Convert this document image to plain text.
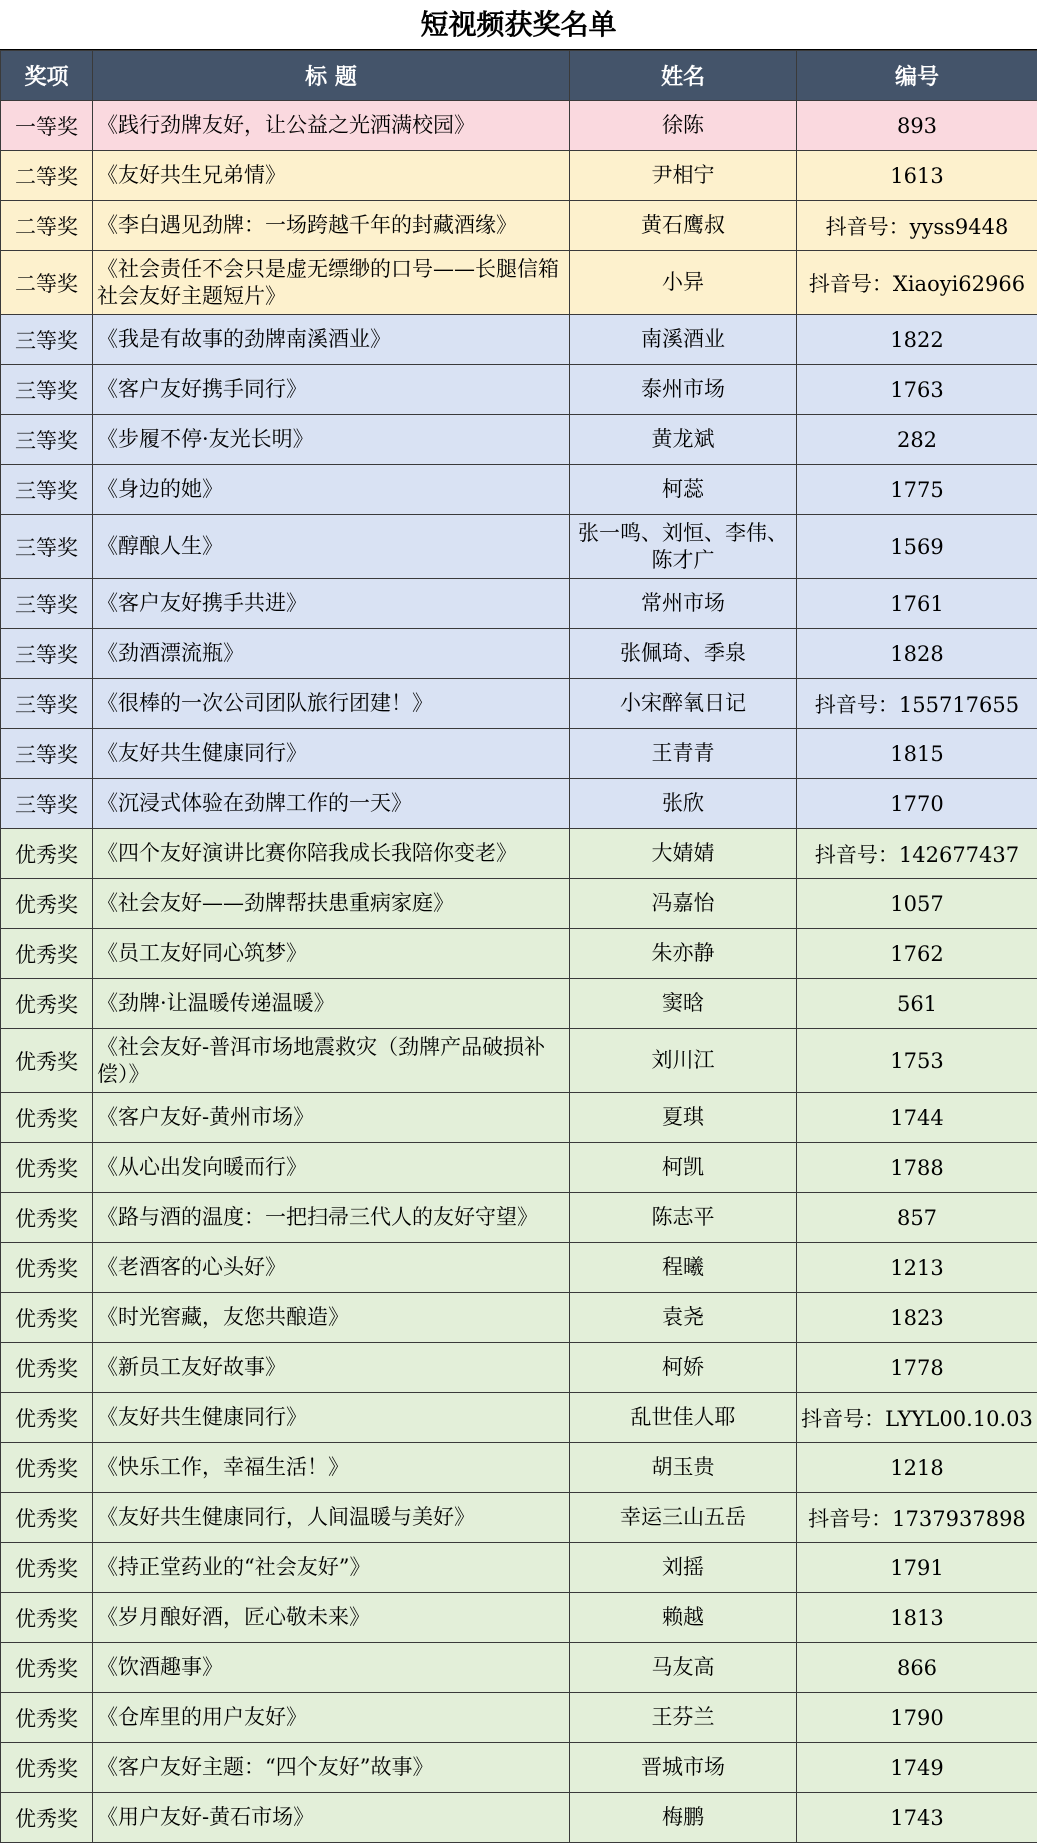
短视频获奖名单
奖项	标 题	姓名	编号
一等奖	《践行劲牌友好，让公益之光洒满校园》	徐陈	893
二等奖	《友好共生兄弟情》	尹相宁	1613
二等奖	《李白遇见劲牌：一场跨越千年的封藏酒缘》	黄石鹰叔	抖音号：yyss9448
二等奖	《社会责任不会只是虚无缥缈的口号——长腿信箱社会友好主题短片》	小异	抖音号：Xiaoyi62966
三等奖	《我是有故事的劲牌南溪酒业》	南溪酒业	1822
三等奖	《客户友好携手同行》	泰州市场	1763
三等奖	《步履不停·友光长明》	黄龙斌	282
三等奖	《身边的她》	柯蕊	1775
三等奖	《醇酿人生》	张一鸣、刘恒、李伟、陈才广	1569
三等奖	《客户友好携手共进》	常州市场	1761
三等奖	《劲酒漂流瓶》	张佩琦、季泉	1828
三等奖	《很棒的一次公司团队旅行团建！》	小宋醉氧日记	抖音号：155717655
三等奖	《友好共生健康同行》	王青青	1815
三等奖	《沉浸式体验在劲牌工作的一天》	张欣	1770
优秀奖	《四个友好演讲比赛你陪我成长我陪你变老》	大婧婧	抖音号：142677437
优秀奖	《社会友好——劲牌帮扶患重病家庭》	冯嘉怡	1057
优秀奖	《员工友好同心筑梦》	朱亦静	1762
优秀奖	《劲牌·让温暖传递温暖》	窦晗	561
优秀奖	《社会友好-普洱市场地震救灾（劲牌产品破损补偿）》	刘川江	1753
优秀奖	《客户友好-黄州市场》	夏琪	1744
优秀奖	《从心出发向暖而行》	柯凯	1788
优秀奖	《路与酒的温度：一把扫帚三代人的友好守望》	陈志平	857
优秀奖	《老酒客的心头好》	程曦	1213
优秀奖	《时光窖藏，友您共酿造》	袁尧	1823
优秀奖	《新员工友好故事》	柯娇	1778
优秀奖	《友好共生健康同行》	乱世佳人耶	抖音号：LYYL00.10.03
优秀奖	《快乐工作，幸福生活！》	胡玉贵	1218
优秀奖	《友好共生健康同行，人间温暖与美好》	幸运三山五岳	抖音号：1737937898
优秀奖	《持正堂药业的“社会友好”》	刘摇	1791
优秀奖	《岁月酿好酒，匠心敬未来》	赖越	1813
优秀奖	《饮酒趣事》	马友高	866
优秀奖	《仓库里的用户友好》	王芬兰	1790
优秀奖	《客户友好主题：“四个友好”故事》	晋城市场	1749
优秀奖	《用户友好-黄石市场》	梅鹏	1743
